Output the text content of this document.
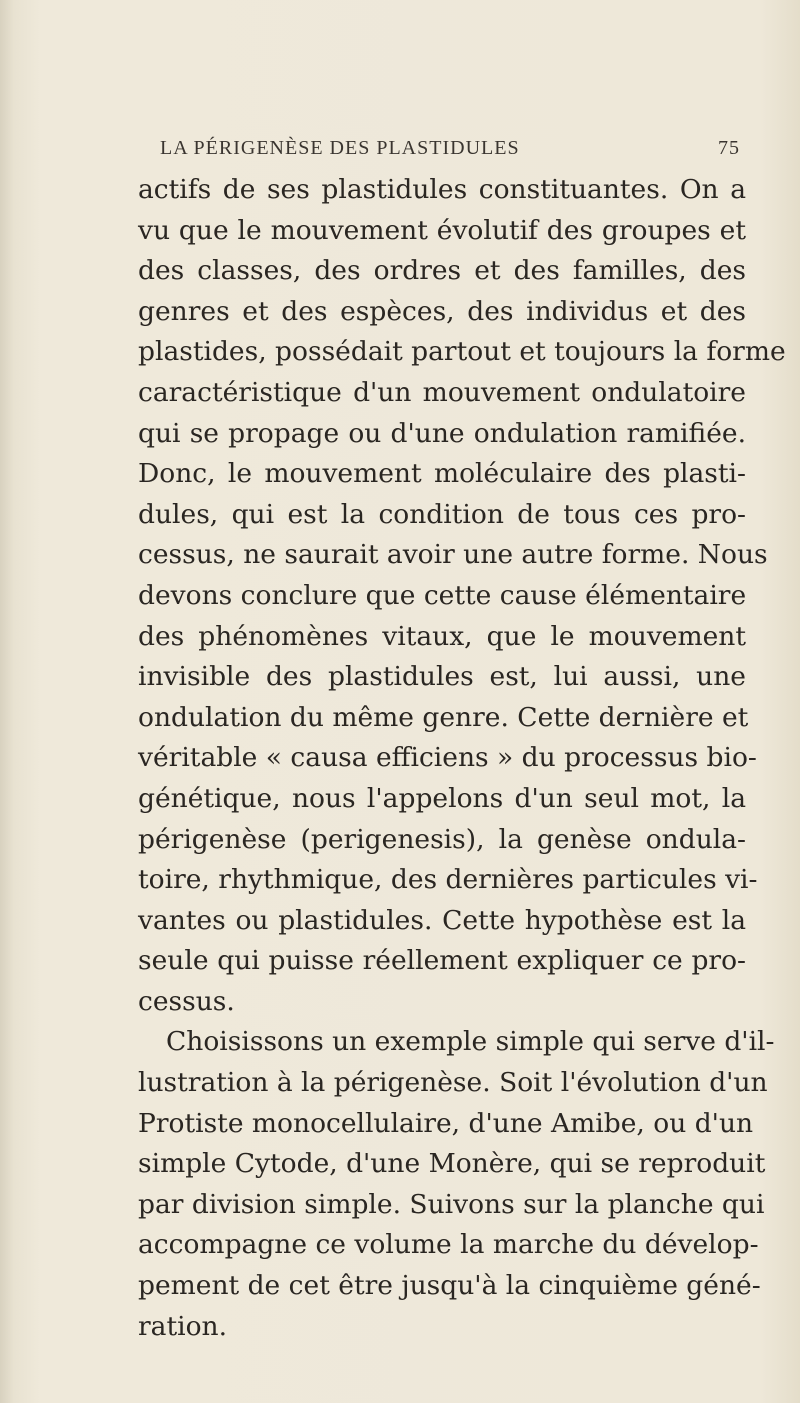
LA PÉRIGENÈSE DES PLASTIDULES	75
actifs de ses plastidules constituantes. On a
vu que le mouvement évolutif des groupes et
des classes, des ordres et des familles, des
genres et des espèces, des individus et des
plastides, possédait partout et toujours la forme
caractéristique d'un mouvement ondulatoire
qui se propage ou d'une ondulation ramifiée.
Donc, le mouvement moléculaire des plasti-
dules, qui est la condition de tous ces pro-
cessus, ne saurait avoir une autre forme. Nous
devons conclure que cette cause élémentaire
des phénomènes vitaux, que le mouvement
invisible des plastidules est, lui aussi, une
ondulation du même genre. Cette dernière et
véritable « causa efficiens » du processus bio-
génétique, nous l'appelons d'un seul mot, la
périgenèse (perigenesis), la genèse ondula-
toire, rhythmique, des dernières particules vi-
vantes ou plastidules. Cette hypothèse est la
seule qui puisse réellement expliquer ce pro-
cessus.
Choisissons un exemple simple qui serve d'il-
lustration à la périgenèse. Soit l'évolution d'un
Protiste monocellulaire, d'une Amibe, ou d'un
simple Cytode, d'une Monère, qui se reproduit
par division simple. Suivons sur la planche qui
accompagne ce volume la marche du dévelop-
pement de cet être jusqu'à la cinquième géné-
ration.
